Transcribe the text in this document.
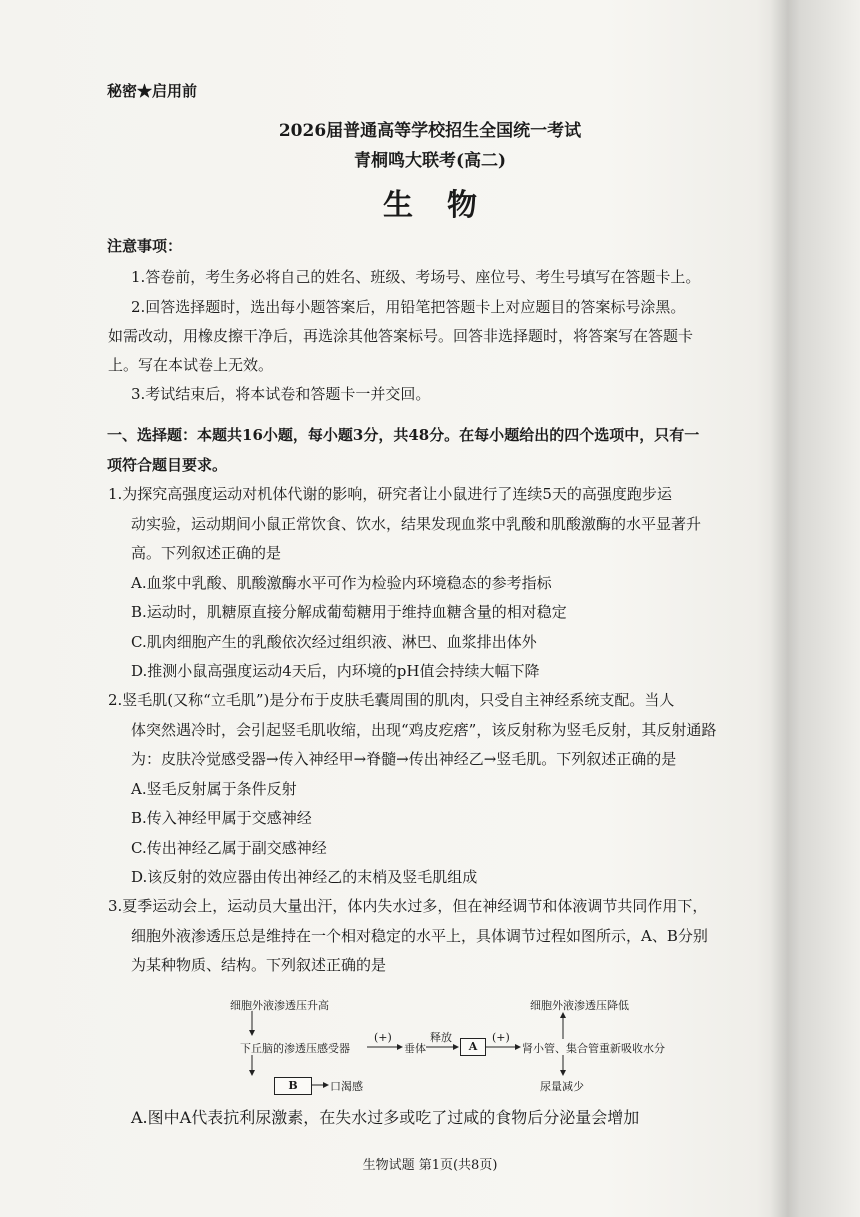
秘密★启用前
2026届普通高等学校招生全国统一考试
青桐鸣大联考(高二)
生物
注意事项：
1.答卷前，考生务必将自己的姓名、班级、考场号、座位号、考生号填写在答题卡上。
2.回答选择题时，选出每小题答案后，用铅笔把答题卡上对应题目的答案标号涂黑。
如需改动，用橡皮擦干净后，再选涂其他答案标号。回答非选择题时，将答案写在答题卡
上。写在本试卷上无效。
3.考试结束后，将本试卷和答题卡一并交回。
一、选择题：本题共16小题，每小题3分，共48分。在每小题给出的四个选项中，只有一
项符合题目要求。
1.为探究高强度运动对机体代谢的影响，研究者让小鼠进行了连续5天的高强度跑步运
动实验，运动期间小鼠正常饮食、饮水，结果发现血浆中乳酸和肌酸激酶的水平显著升
高。下列叙述正确的是
A.血浆中乳酸、肌酸激酶水平可作为检验内环境稳态的参考指标
B.运动时，肌糖原直接分解成葡萄糖用于维持血糖含量的相对稳定
C.肌肉细胞产生的乳酸依次经过组织液、淋巴、血浆排出体外
D.推测小鼠高强度运动4天后，内环境的pH值会持续大幅下降
2.竖毛肌(又称“立毛肌”)是分布于皮肤毛囊周围的肌肉，只受自主神经系统支配。当人
体突然遇冷时，会引起竖毛肌收缩，出现“鸡皮疙瘩”，该反射称为竖毛反射，其反射通路
为：皮肤冷觉感受器→传入神经甲→脊髓→传出神经乙→竖毛肌。下列叙述正确的是
A.竖毛反射属于条件反射
B.传入神经甲属于交感神经
C.传出神经乙属于副交感神经
D.该反射的效应器由传出神经乙的末梢及竖毛肌组成
3.夏季运动会上，运动员大量出汗，体内失水过多，但在神经调节和体液调节共同作用下，
细胞外液渗透压总是维持在一个相对稳定的水平上，具体调节过程如图所示，A、B分别
为某种物质、结构。下列叙述正确的是
细胞外液渗透压升高	细胞外液渗透压降低
下丘脑的渗透压感受器
(+)
垂体
释放
A
(+)
肾小管、集合管重新吸收水分
B	口渴感	尿量减少
A.图中A代表抗利尿激素，在失水过多或吃了过咸的食物后分泌量会增加
生物试题 第1页(共8页)
